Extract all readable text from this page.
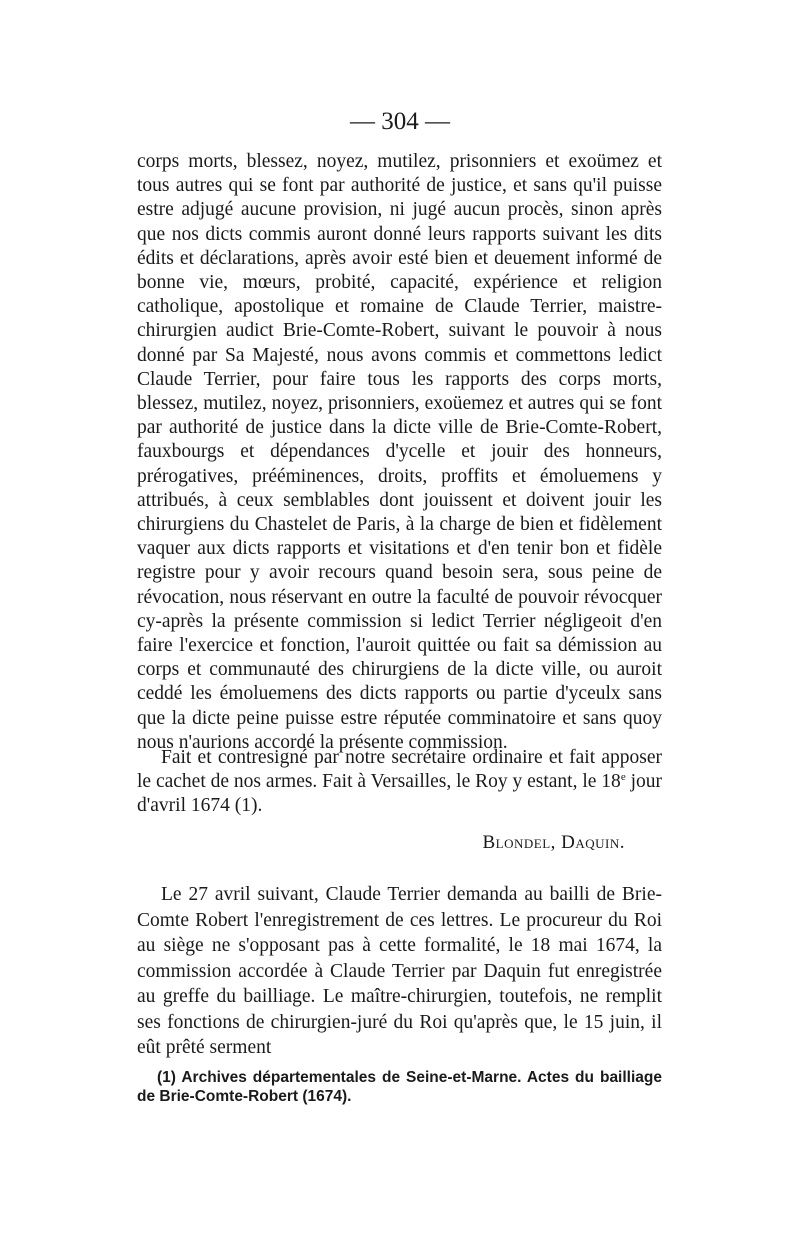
— 304 —
corps morts, blessez, noyez, mutilez, prisonniers et exoümez et tous autres qui se font par authorité de justice, et sans qu'il puisse estre adjugé aucune provision, ni jugé aucun procès, sinon après que nos dicts commis auront donné leurs rapports suivant les dits édits et déclarations, après avoir esté bien et deuement informé de bonne vie, mœurs, probité, capacité, expérience et religion catholique, apostolique et romaine de Claude Terrier, maistre-chirurgien audict Brie-Comte-Robert, suivant le pouvoir à nous donné par Sa Majesté, nous avons commis et commettons ledict Claude Terrier, pour faire tous les rapports des corps morts, blessez, mutilez, noyez, prisonniers, exoüemez et autres qui se font par authorité de justice dans la dicte ville de Brie-Comte-Robert, fauxbourgs et dépendances d'ycelle et jouir des honneurs, prérogatives, prééminences, droits, proffits et émoluemens y attribués, à ceux semblables dont jouissent et doivent jouir les chirurgiens du Chastelet de Paris, à la charge de bien et fidèlement vaquer aux dicts rapports et visitations et d'en tenir bon et fidèle registre pour y avoir recours quand besoin sera, sous peine de révocation, nous réservant en outre la faculté de pouvoir révocquer cy-après la présente commission si ledict Terrier négligeoit d'en faire l'exercice et fonction, l'auroit quittée ou fait sa démission au corps et communauté des chirurgiens de la dicte ville, ou auroit ceddé les émoluemens des dicts rapports ou partie d'yceulx sans que la dicte peine puisse estre réputée comminatoire et sans quoy nous n'aurions accordé la présente commission.
Fait et contresigné par notre secrétaire ordinaire et fait apposer le cachet de nos armes. Fait à Versailles, le Roy y estant, le 18e jour d'avril 1674 (1).
Blondel, Daquin.
Le 27 avril suivant, Claude Terrier demanda au bailli de Brie-Comte Robert l'enregistrement de ces lettres. Le procureur du Roi au siège ne s'opposant pas à cette formalité, le 18 mai 1674, la commission accordée à Claude Terrier par Daquin fut enregistrée au greffe du bailliage. Le maître-chirurgien, toutefois, ne remplit ses fonctions de chirurgien-juré du Roi qu'après que, le 15 juin, il eût prêté serment
(1) Archives départementales de Seine-et-Marne. Actes du bailliage de Brie-Comte-Robert (1674).
